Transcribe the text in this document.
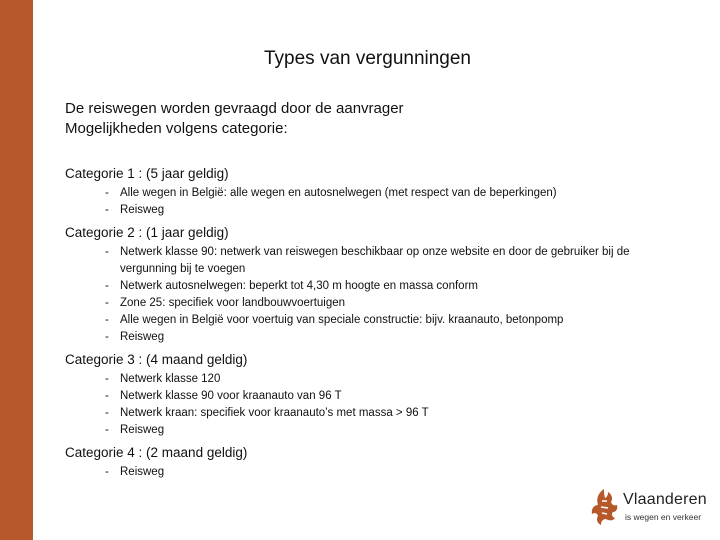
Types van vergunningen
De reiswegen worden gevraagd door de aanvrager
Mogelijkheden volgens categorie:

Categorie 1 : (5 jaar geldig)

- Alle wegen in België: alle wegen en autosnelwegen (met respect van de beperkingen)
- Reisweg

Categorie 2 : (1 jaar geldig)

- Netwerk klasse 90: netwerk van reiswegen beschikbaar op onze website en door de gebruiker bij de vergunning bij te voegen
- Netwerk autosnelwegen: beperkt tot 4,30 m hoogte en massa conform
- Zone 25: specifiek voor landbouwvoertuigen
- Alle wegen in België voor voertuig van speciale constructie: bijv. kraanauto, betonpomp
- Reisweg

Categorie 3 : (4 maand geldig)

- Netwerk klasse 120
- Netwerk klasse 90 voor kraanauto van 96 T
- Netwerk kraan: specifiek voor kraanauto’s met massa > 96 T
- Reisweg

Categorie 4 : (2 maand geldig)

- Reisweg
Vlaanderen
is wegen en verkeer
